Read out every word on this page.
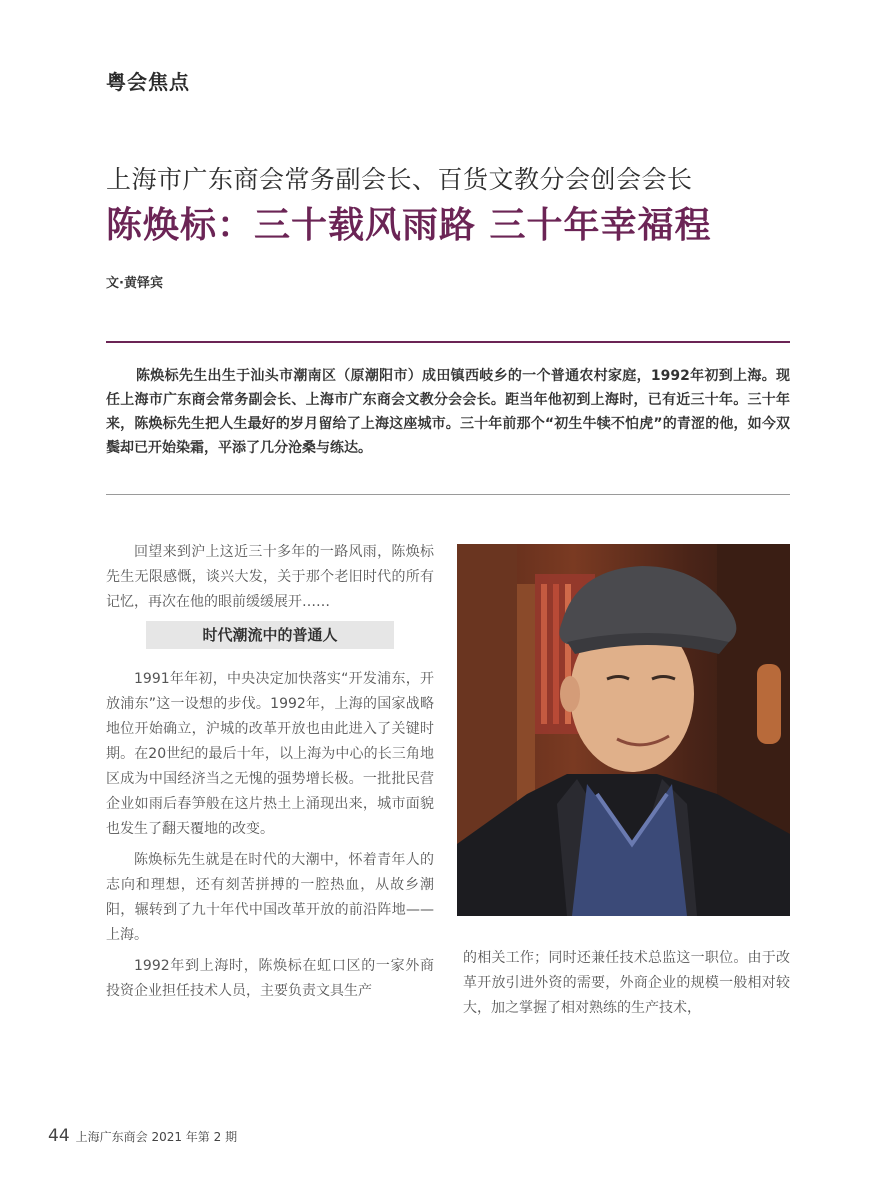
粤会焦点
上海市广东商会常务副会长、百货文教分会创会会长
陈焕标：三十载风雨路 三十年幸福程
文·黄铎宾
陈焕标先生出生于汕头市潮南区（原潮阳市）成田镇西岐乡的一个普通农村家庭，1992年初到上海。现任上海市广东商会常务副会长、上海市广东商会文教分会会长。距当年他初到上海时，已有近三十年。三十年来，陈焕标先生把人生最好的岁月留给了上海这座城市。三十年前那个“初生牛犊不怕虎”的青涩的他，如今双鬓却已开始染霜，平添了几分沧桑与练达。

回望来到沪上这近三十多年的一路风雨，陈焕标先生无限感慨，谈兴大发，关于那个老旧时代的所有记忆，再次在他的眼前缓缓展开……

时代潮流中的普通人

1991年年初，中央决定加快落实“开发浦东，开放浦东”这一设想的步伐。1992年，上海的国家战略地位开始确立，沪城的改革开放也由此进入了关键时期。在20世纪的最后十年，以上海为中心的长三角地区成为中国经济当之无愧的强势增长极。一批批民营企业如雨后春笋般在这片热土上涌现出来，城市面貌也发生了翻天覆地的改变。

陈焕标先生就是在时代的大潮中，怀着青年人的志向和理想，还有刻苦拼搏的一腔热血，从故乡潮阳，辗转到了九十年代中国改革开放的前沿阵地——上海。

1992年到上海时，陈焕标在虹口区的一家外商投资企业担任技术人员，主要负责文具生产

的相关工作；同时还兼任技术总监这一职位。由于改革开放引进外资的需要，外商企业的规模一般相对较大，加之掌握了相对熟练的生产技术，

44 上海广东商会 2021 年第 2 期
